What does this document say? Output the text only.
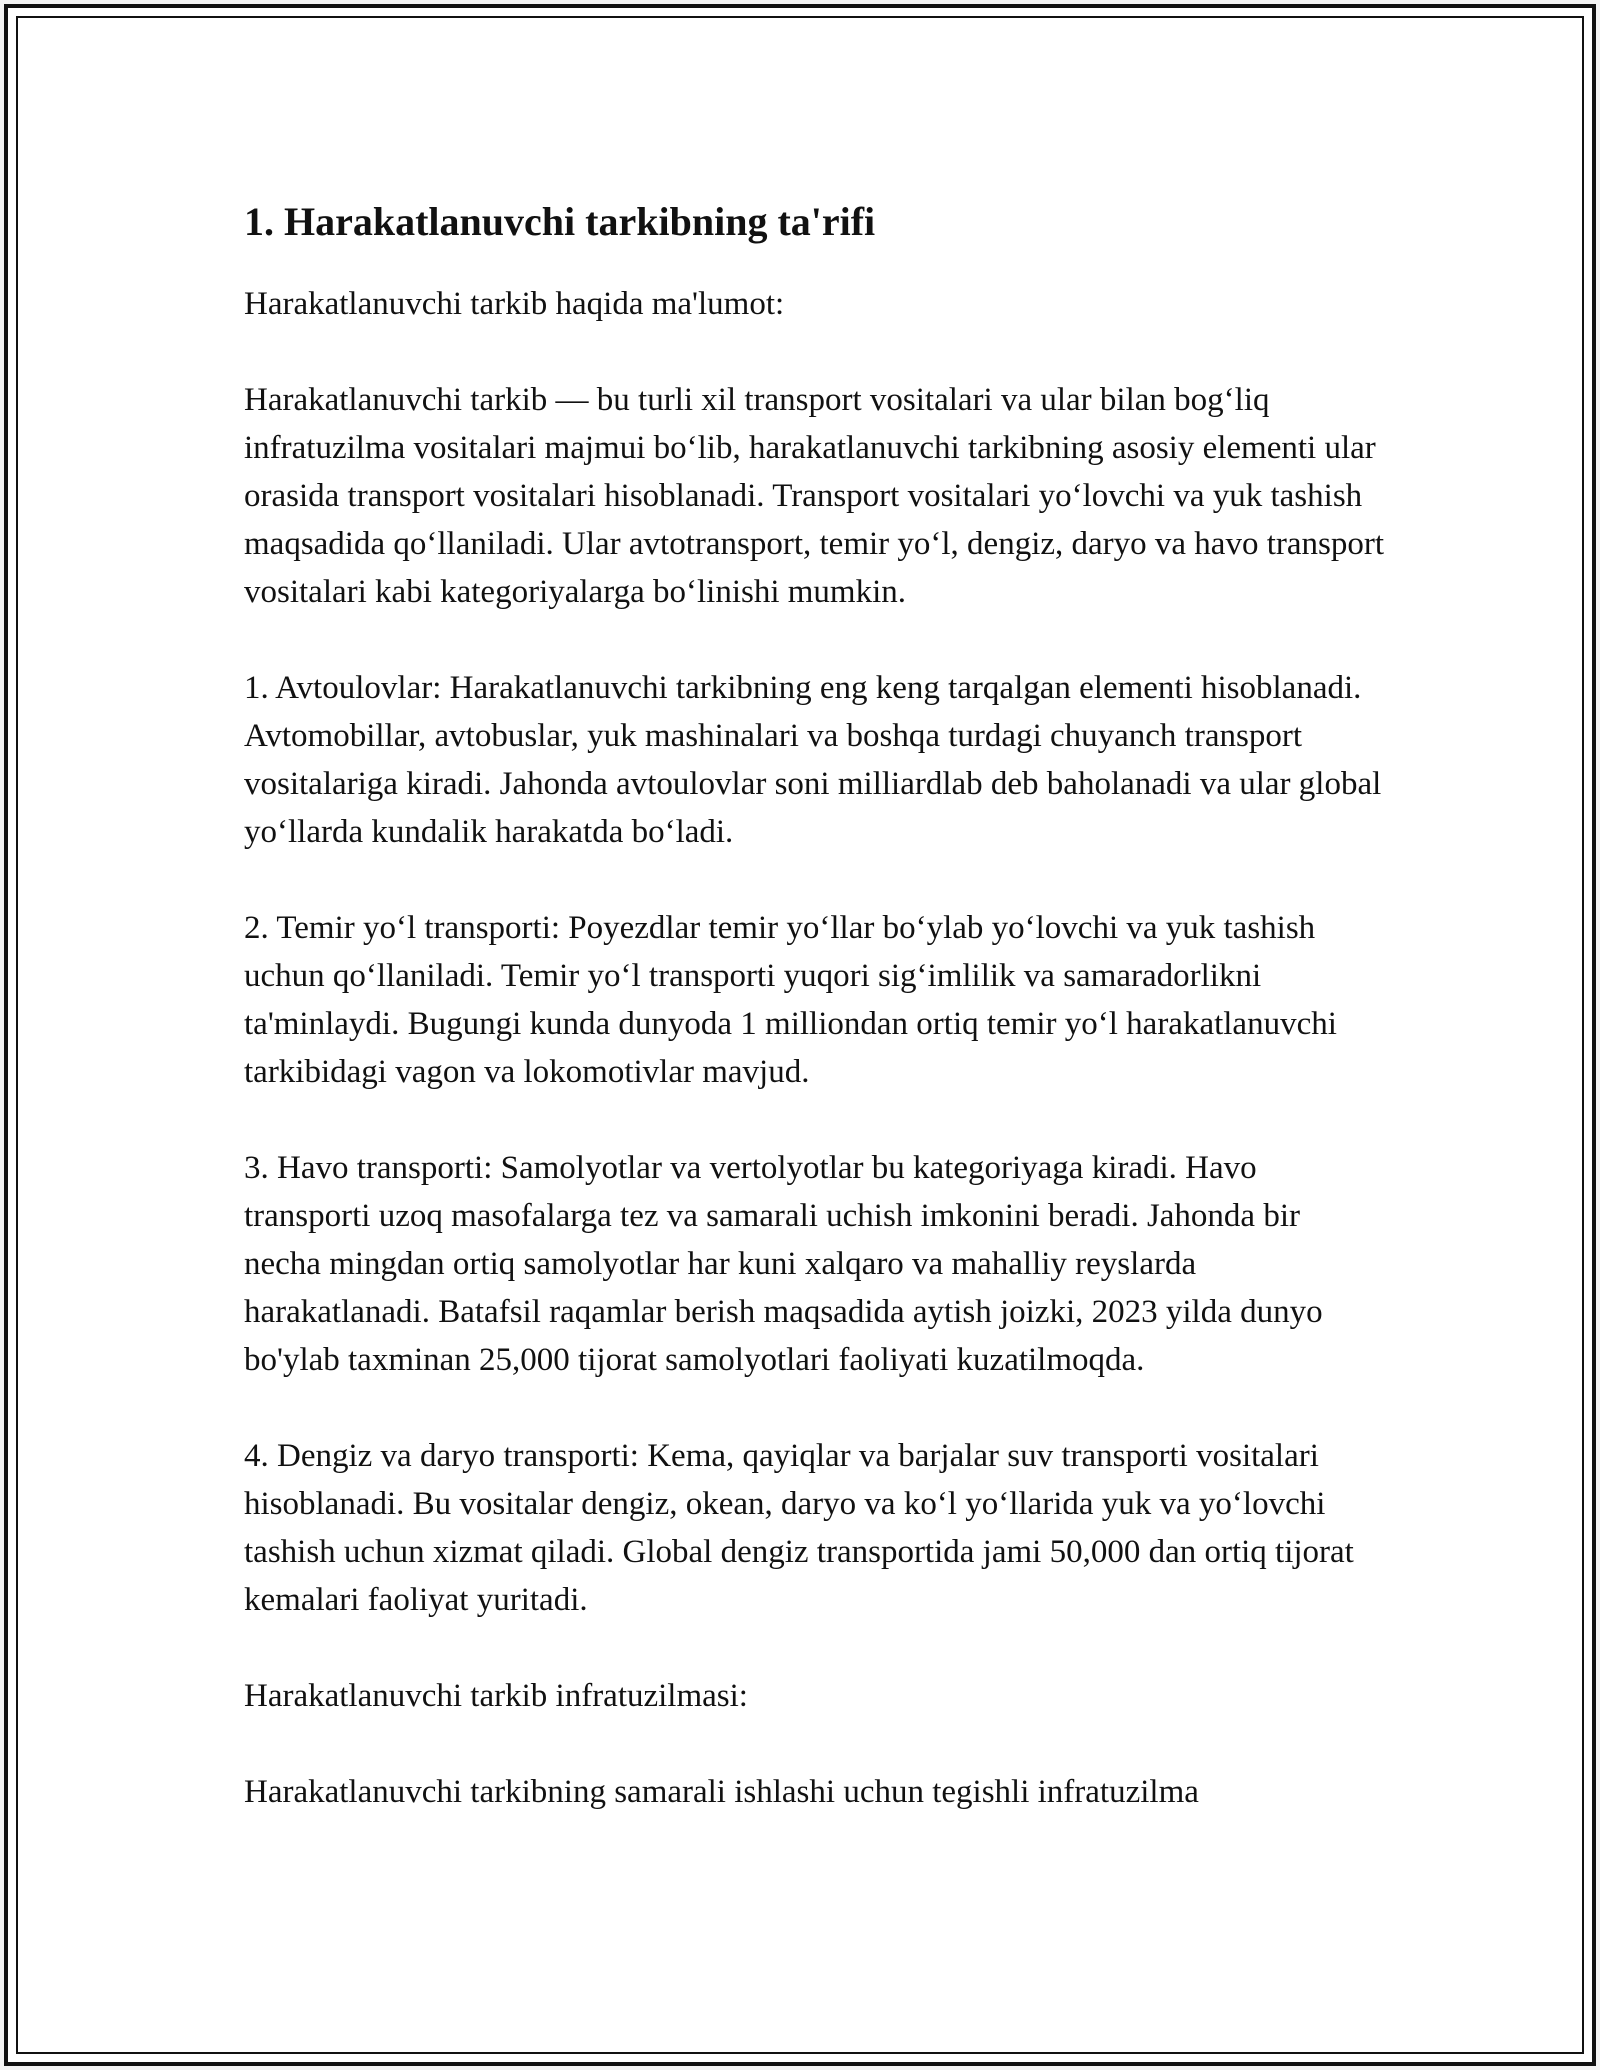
1. Harakatlanuvchi tarkibning ta'rifi
Harakatlanuvchi tarkib haqida ma'lumot:

Harakatlanuvchi tarkib — bu turli xil transport vositalari va ular bilan bog‘liq infratuzilma vositalari majmui bo‘lib, harakatlanuvchi tarkibning asosiy elementi ular orasida transport vositalari hisoblanadi. Transport vositalari yo‘lovchi va yuk tashish maqsadida qo‘llaniladi. Ular avtotransport, temir yo‘l, dengiz, daryo va havo transport vositalari kabi kategoriyalarga bo‘linishi mumkin.

1. Avtoulovlar: Harakatlanuvchi tarkibning eng keng tarqalgan elementi hisoblanadi. Avtomobillar, avtobuslar, yuk mashinalari va boshqa turdagi chuyanch transport vositalariga kiradi. Jahonda avtoulovlar soni milliardlab deb baholanadi va ular global yo‘llarda kundalik harakatda bo‘ladi.

2. Temir yo‘l transporti: Poyezdlar temir yo‘llar bo‘ylab yo‘lovchi va yuk tashish uchun qo‘llaniladi. Temir yo‘l transporti yuqori sig‘imlilik va samaradorlikni ta'minlaydi. Bugungi kunda dunyoda 1 milliondan ortiq temir yo‘l harakatlanuvchi tarkibidagi vagon va lokomotivlar mavjud.

3. Havo transporti: Samolyotlar va vertolyotlar bu kategoriyaga kiradi. Havo transporti uzoq masofalarga tez va samarali uchish imkonini beradi. Jahonda bir necha mingdan ortiq samolyotlar har kuni xalqaro va mahalliy reyslarda harakatlanadi. Batafsil raqamlar berish maqsadida aytish joizki, 2023 yilda dunyo bo'ylab taxminan 25,000 tijorat samolyotlari faoliyati kuzatilmoqda.

4. Dengiz va daryo transporti: Kema, qayiqlar va barjalar suv transporti vositalari hisoblanadi. Bu vositalar dengiz, okean, daryo va ko‘l yo‘llarida yuk va yo‘lovchi tashish uchun xizmat qiladi. Global dengiz transportida jami 50,000 dan ortiq tijorat kemalari faoliyat yuritadi.

Harakatlanuvchi tarkib infratuzilmasi:

Harakatlanuvchi tarkibning samarali ishlashi uchun tegishli infratuzilma
